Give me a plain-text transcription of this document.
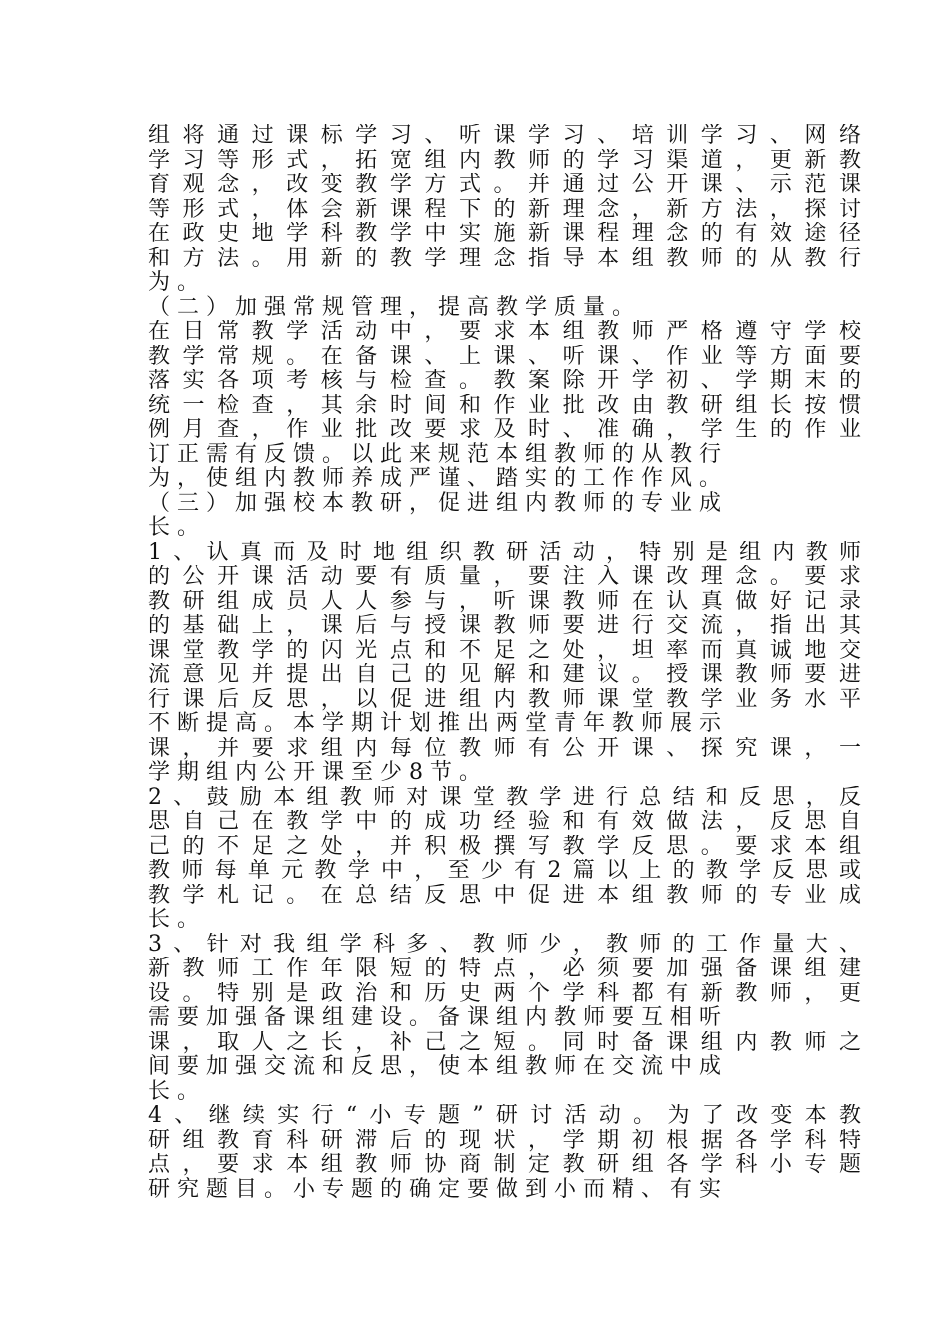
组将通过课标学习、听课学习、培训学习、网络
学习等形式，拓宽组内教师的学习渠道，更新教
育观念，改变教学方式。并通过公开课、示范课
等形式，体会新课程下的新理念，新方法，探讨
在政史地学科教学中实施新课程理念的有效途径
和方法。用新的教学理念指导本组教师的从教行
为。
（二）加强常规管理，提高教学质量。
在日常教学活动中，要求本组教师严格遵守学校
教学常规。在备课、上课、听课、作业等方面要
落实各项考核与检查。教案除开学初、学期末的
统一检查，其余时间和作业批改由教研组长按惯
例月查，作业批改要求及时、准确，学生的作业
订正需有反馈。以此来规范本组教师的从教行
为，使组内教师养成严谨、踏实的工作作风。
（三）加强校本教研，促进组内教师的专业成
长。
1、认真而及时地组织教研活动，特别是组内教师
的公开课活动要有质量，要注入课改理念。要求
教研组成员人人参与，听课教师在认真做好记录
的基础上，课后与授课教师要进行交流，指出其
课堂教学的闪光点和不足之处，坦率而真诚地交
流意见并提出自己的见解和建议。授课教师要进
行课后反思，以促进组内教师课堂教学业务水平
不断提高。本学期计划推出两堂青年教师展示
课，并要求组内每位教师有公开课、探究课，一
学期组内公开课至少8节。
2、鼓励本组教师对课堂教学进行总结和反思，反
思自己在教学中的成功经验和有效做法，反思自
己的不足之处，并积极撰写教学反思。要求本组
教师每单元教学中，至少有2篇以上的教学反思或
教学札记。在总结反思中促进本组教师的专业成
长。
3、针对我组学科多、教师少，教师的工作量大、
新教师工作年限短的特点，必须要加强备课组建
设。特别是政治和历史两个学科都有新教师，更
需要加强备课组建设。备课组内教师要互相听
课，取人之长，补己之短。同时备课组内教师之
间要加强交流和反思，使本组教师在交流中成
长。
4、继续实行“小专题”研讨活动。为了改变本教
研组教育科研滞后的现状，学期初根据各学科特
点，要求本组教师协商制定教研组各学科小专题
研究题目。小专题的确定要做到小而精、有实
